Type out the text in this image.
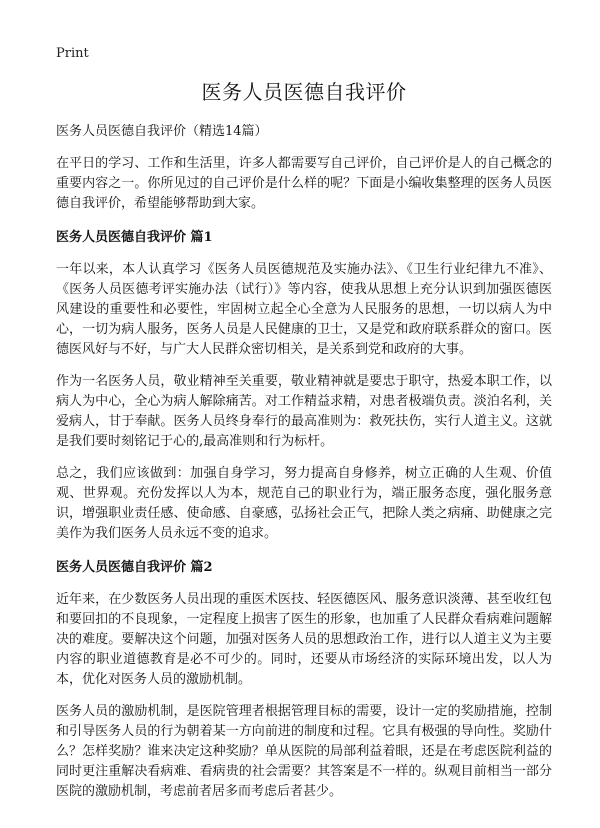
Print
医务人员医德自我评价
医务人员医德自我评价（精选14篇）

在平日的学习、工作和生活里，许多人都需要写自己评价，自己评价是人的自己概念的重要内容之一。你所见过的自己评价是什么样的呢？下面是小编收集整理的医务人员医德自我评价，希望能够帮助到大家。

医务人员医德自我评价 篇1

一年以来，本人认真学习《医务人员医德规范及实施办法》、《卫生行业纪律九不准》、《医务人员医德考评实施办法（试行）》等内容，使我从思想上充分认识到加强医德医风建设的重要性和必要性，牢固树立起全心全意为人民服务的思想，一切以病人为中心，一切为病人服务，医务人员是人民健康的卫士，又是党和政府联系群众的窗口。医德医风好与不好，与广大人民群众密切相关，是关系到党和政府的大事。

作为一名医务人员，敬业精神至关重要，敬业精神就是要忠于职守，热爱本职工作，以病人为中心，全心为病人解除痛苦。对工作精益求精，对患者极端负责。淡泊名利，关爱病人，甘于奉献。医务人员终身奉行的最高准则为：救死扶伤，实行人道主义。这就是我们要时刻铭记于心的,最高准则和行为标杆。

总之，我们应该做到：加强自身学习，努力提高自身修养，树立正确的人生观、价值观、世界观。充份发挥以人为本，规范自己的职业行为，端正服务态度，强化服务意识，增强职业责任感、使命感、自豪感，弘扬社会正气，把除人类之病痛、助健康之完美作为我们医务人员永远不变的追求。

医务人员医德自我评价 篇2

近年来，在少数医务人员出现的重医术医技、轻医德医风、服务意识淡薄、甚至收红包和要回扣的不良现象，一定程度上损害了医生的形象，也加重了人民群众看病难问题解决的难度。要解决这个问题，加强对医务人员的思想政治工作，进行以人道主义为主要内容的职业道德教育是必不可少的。同时，还要从市场经济的实际环境出发，以人为本，优化对医务人员的激励机制。

医务人员的激励机制，是医院管理者根据管理目标的需要，设计一定的奖励措施，控制和引导医务人员的行为朝着某一方向前进的制度和过程。它具有极强的导向性。奖励什么？怎样奖励？谁来决定这种奖励？单从医院的局部利益着眼，还是在考虑医院利益的同时更注重解决看病难、看病贵的社会需要？其答案是不一样的。纵观目前相当一部分医院的激励机制，考虑前者居多而考虑后者甚少。
